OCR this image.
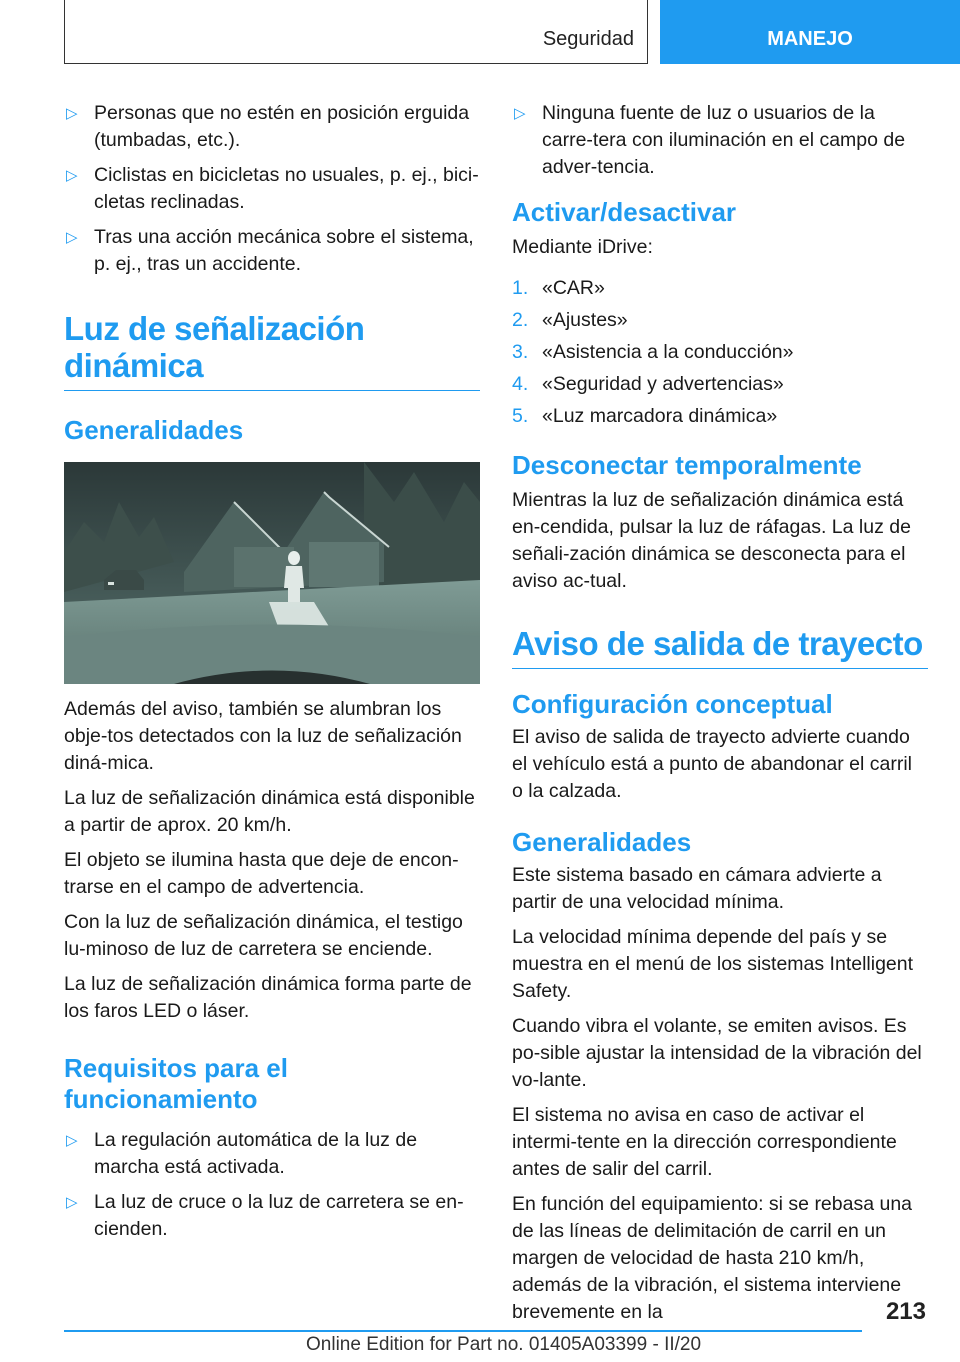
Seguridad	MANEJO
▷ Personas que no estén en posición erguida (tumbadas, etc.).
▷ Ciclistas en bicicletas no usuales, p. ej., bici-cletas reclinadas.
▷ Tras una acción mecánica sobre el sistema, p. ej., tras un accidente.
Luz de señalización dinámica
Generalidades

Además del aviso, también se alumbran los obje-tos detectados con la luz de señalización diná-mica.

La luz de señalización dinámica está disponible a partir de aprox. 20 km/h.

El objeto se ilumina hasta que deje de encon-trarse en el campo de advertencia.

Con la luz de señalización dinámica, el testigo lu-minoso de luz de carretera se enciende.

La luz de señalización dinámica forma parte de los faros LED o láser.

Requisitos para el funcionamiento
▷ La regulación automática de la luz de marcha está activada.
▷ La luz de cruce o la luz de carretera se en-cienden.
▷ Ninguna fuente de luz o usuarios de la carre-tera con iluminación en el campo de adver-tencia.
Activar/desactivar

Mediante iDrive:

1. «CAR»
2. «Ajustes»
3. «Asistencia a la conducción»
4. «Seguridad y advertencias»
5. «Luz marcadora dinámica»
Desconectar temporalmente

Mientras la luz de señalización dinámica está en-cendida, pulsar la luz de ráfagas. La luz de señali-zación dinámica se desconecta para el aviso ac-tual.

Aviso de salida de trayecto
Configuración conceptual

El aviso de salida de trayecto advierte cuando el vehículo está a punto de abandonar el carril o la calzada.

Generalidades

Este sistema basado en cámara advierte a partir de una velocidad mínima.

La velocidad mínima depende del país y se muestra en el menú de los sistemas Intelligent Safety.

Cuando vibra el volante, se emiten avisos. Es po-sible ajustar la intensidad de la vibración del vo-lante.

El sistema no avisa en caso de activar el intermi-tente en la dirección correspondiente antes de salir del carril.

En función del equipamiento: si se rebasa una de las líneas de delimitación de carril en un margen de velocidad de hasta 210 km/h, además de la vibración, el sistema interviene brevemente en la	213
Online Edition for Part no. 01405A03399 - II/20
